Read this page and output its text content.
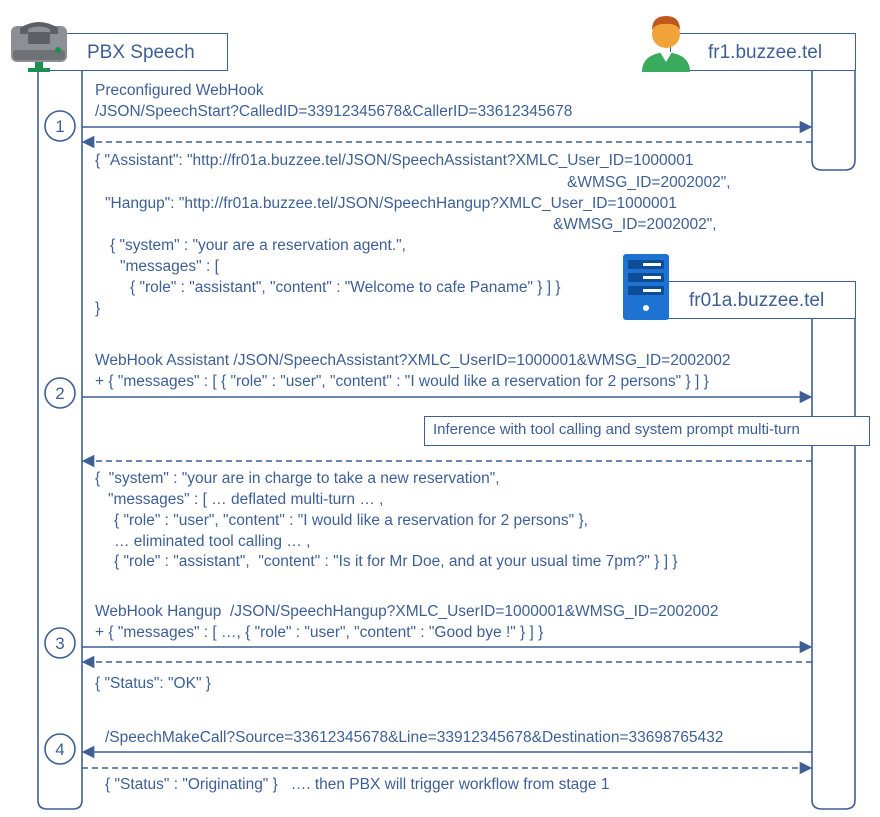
1
2
3
4
PBX Speech	fr1.buzzee.tel
fr01a.buzzee.tel
Preconfigured WebHook
/JSON/SpeechStart?CalledID=33912345678&CallerID=33612345678
{ "Assistant": "http://fr01a.buzzee.tel/JSON/SpeechAssistant?XMLC_User_ID=1000001
&WMSG_ID=2002002",
"Hangup": "http://fr01a.buzzee.tel/JSON/SpeechHangup?XMLC_User_ID=1000001
&WMSG_ID=2002002",
{ "system" : "your are a reservation agent.",
"messages" : [
{ "role" : "assistant", "content" : "Welcome to cafe Paname" } ] }
}
WebHook Assistant /JSON/SpeechAssistant?XMLC_UserID=1000001&WMSG_ID=2002002
+ { "messages" : [ { "role" : "user", "content" : "I would like a reservation for 2 persons" } ] }
Inference with tool calling and system prompt multi-turn
{  "system" : "your are in charge to take a new reservation",
"messages" : [ … deflated multi-turn … ,
{ "role" : "user", "content" : "I would like a reservation for 2 persons" },
… eliminated tool calling … ,
{ "role" : "assistant",  "content" : "Is it for Mr Doe, and at your usual time 7pm?" } ] }
WebHook Hangup  /JSON/SpeechHangup?XMLC_UserID=1000001&WMSG_ID=2002002
+ { "messages" : [ …, { "role" : "user", "content" : "Good bye !" } ] }
{ "Status": "OK" }
/SpeechMakeCall?Source=33612345678&Line=33912345678&Destination=33698765432
{ "Status" : "Originating" }   …. then PBX will trigger workflow from stage 1
